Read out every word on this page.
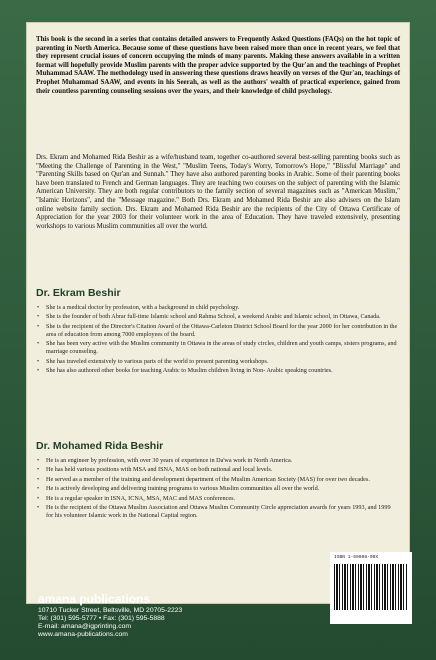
This book is the second in a series that contains detailed answers to Frequently Asked Questions (FAQs) on the hot topic of parenting in North America. Because some of these questions have been raised more than once in recent years, we feel that they represent crucial issues of concern occupying the minds of many parents. Making these answers available in a written format will hopefully provide Muslim parents with the proper advice supported by the Qur'an and the teachings of Prophet Muhammad SAAW. The methodology used in answering these questions draws heavily on verses of the Qur'an, teachings of Prophet Muhammad SAAW, and events in his Seerah, as well as the authors' wealth of practical experience, gained from their countless parenting counseling sessions over the years, and their knowledge of child psychology.

Drs. Ekram and Mohamed Rida Beshir as a wife/husband team, together co-authored several best-selling parenting books such as "Meeting the Challenge of Parenting in the West," "Muslim Teens, Today's Worry, Tomorrow's Hope," "Blissful Marriage" and "Parenting Skills based on Qur'an and Sunnah." They have also authored parenting books in Arabic. Some of their parenting books have been translated to French and German languages. They are teaching two courses on the subject of parenting with the Islamic American University. They are both regular contributors to the family section of several magazines such as "American Muslim," "Islamic Horizons", and the "Message magazine." Both Drs. Ekram and Mohamed Rida Beshir are also advisers on the Islam online website family section. Drs. Ekram and Mohamed Rida Beshir are the recipients of the City of Ottawa Certificate of Appreciation for the year 2003 for their volunteer work in the area of Education. They have traveled extensively, presenting workshops to various Muslim communities all over the world.

Dr. Ekram Beshir
• She is a medical doctor by profession, with a background in child psychology.
• She is the founder of both Abrar full-time Islamic school and Rahma School, a weekend Arabic and Islamic school, in Ottawa, Canada.
• She is the recipient of the Director's Citation Award of the Ottawa-Carleton District School Board for the year 2000 for her contribution in the area of education from among 7000 employees of the board.
• She has been very active with the Muslim community in Ottawa in the areas of study circles, children and youth camps, sisters programs, and marriage counseling.
• She has traveled extensively to various parts of the world to present parenting workshops.
• She has also authored other books for teaching Arabic to Muslim children living in Non- Arabic speaking countries.
Dr. Mohamed Rida Beshir
• He is an engineer by profession, with over 30 years of experience in Da'wa work in North America.
• He has held various positions with MSA and ISNA, MAS on both national and local levels.
• He served as a member of the training and development department of the Muslim American Society (MAS) for over two decades.
• He is actively developing and delivering training programs to various Muslim communities all over the world.
• He is a regular speaker in ISNA, ICNA, MSA, MAC and MAS conferences.
• He is the recipient of the Ottawa Muslim Association and Ottawa Muslim Community Circle appreciation awards for years 1993, and 1999 for his volunteer Islamic work in the National Capital region.
ISBN 1-59008-00X
amana publications
10710 Tucker Street, Beltsville, MD 20705-2223
Tel: (301) 595-5777 • Fax: (301) 595-5888
E-mail: amana@igprinting.com
www.amana-publications.com
